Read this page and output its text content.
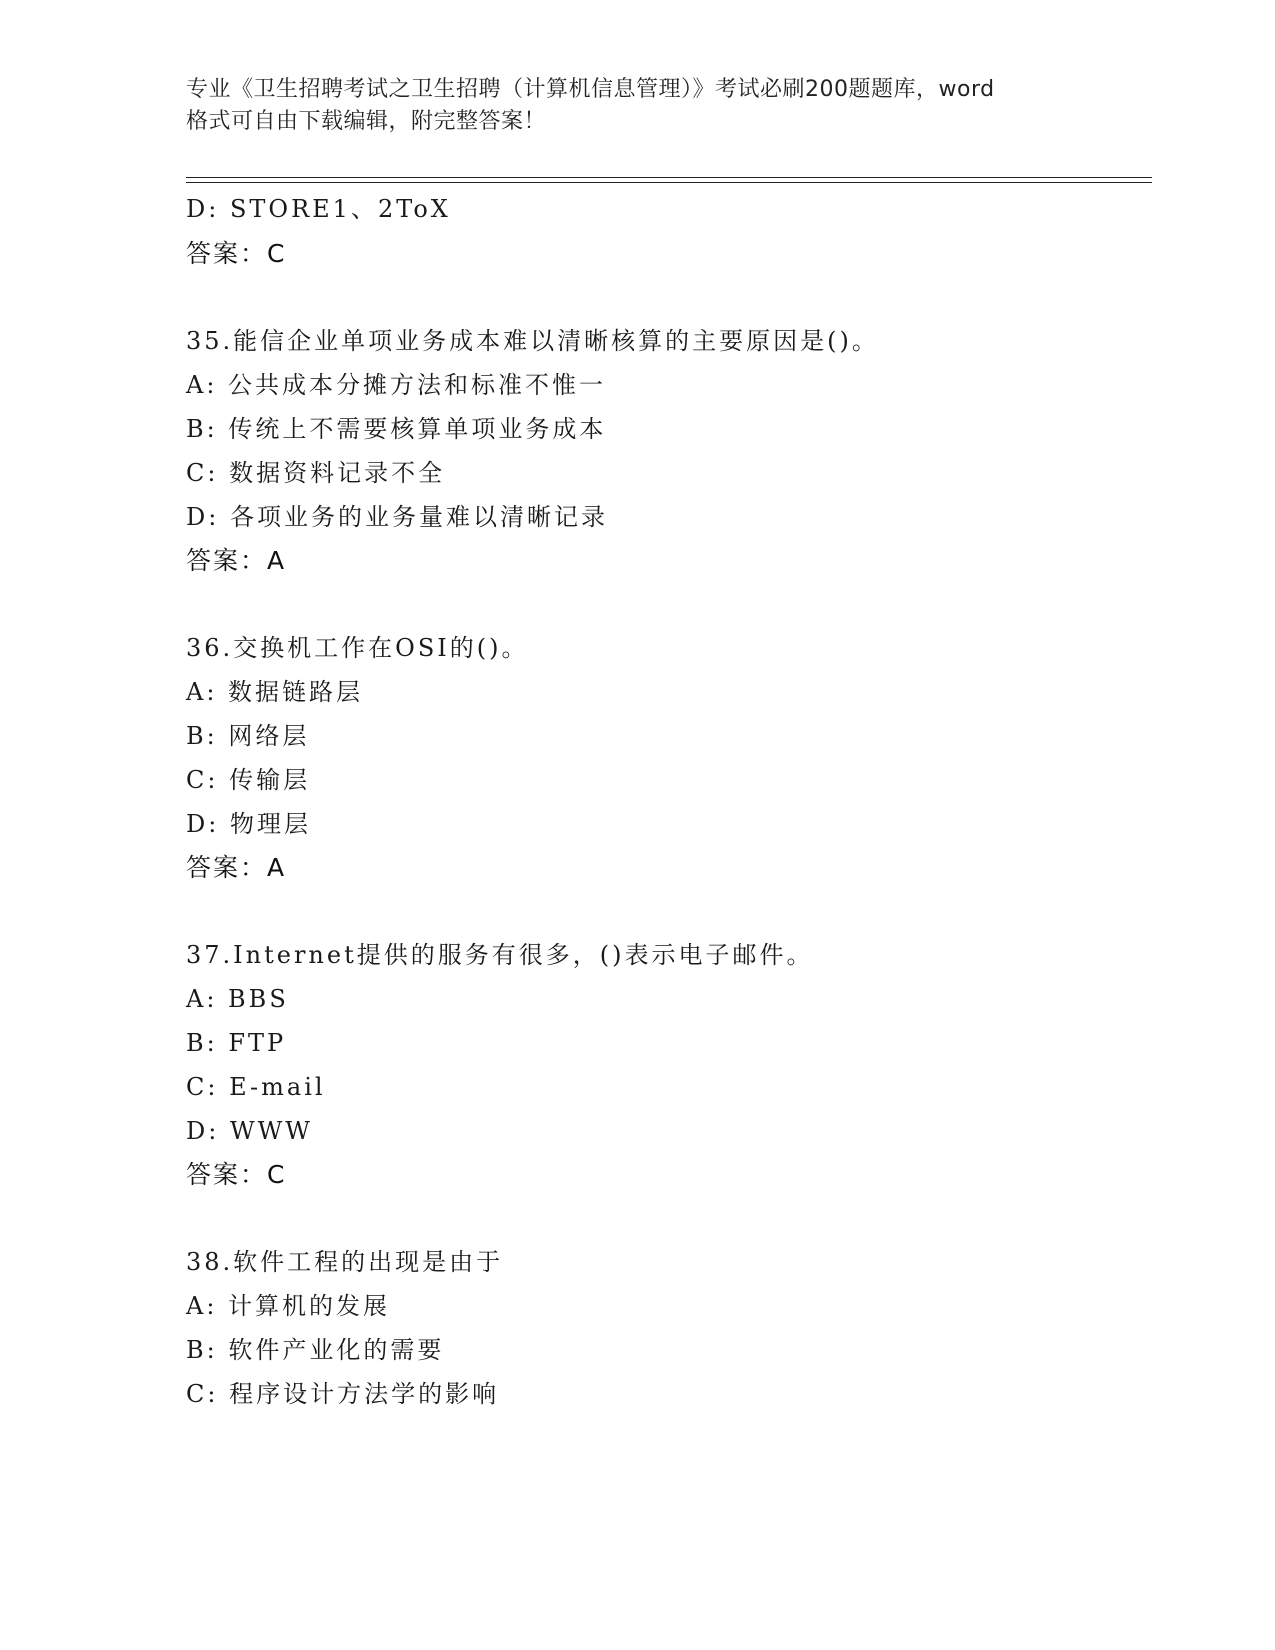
专业《卫生招聘考试之卫生招聘（计算机信息管理）》考试必刷200题题库，word
格式可自由下载编辑，附完整答案！
D: STORE1、2ToX
答案：C
35.能信企业单项业务成本难以清晰核算的主要原因是()。
A: 公共成本分摊方法和标准不惟一
B: 传统上不需要核算单项业务成本
C: 数据资料记录不全
D: 各项业务的业务量难以清晰记录
答案：A
36.交换机工作在OSI的()。
A: 数据链路层
B: 网络层
C: 传输层
D: 物理层
答案：A
37.Internet提供的服务有很多，()表示电子邮件。
A: BBS
B: FTP
C: E-mail
D: WWW
答案：C
38.软件工程的出现是由于
A: 计算机的发展
B: 软件产业化的需要
C: 程序设计方法学的影响
